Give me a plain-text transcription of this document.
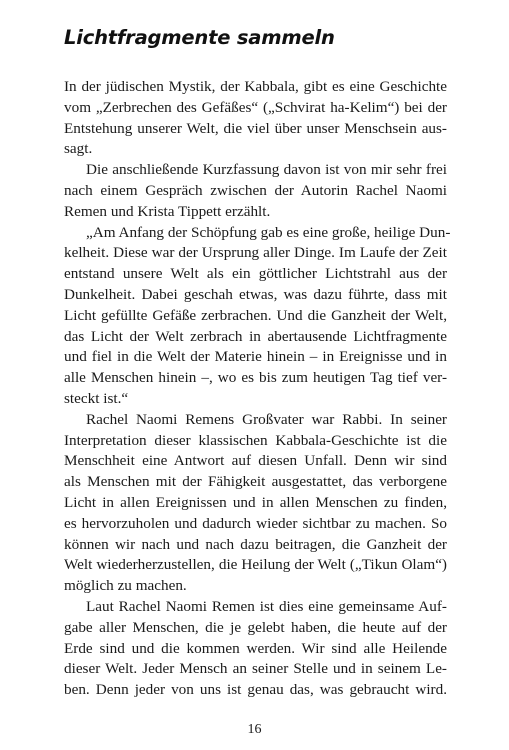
Lichtfragmente sammeln
In der jüdischen Mystik, der Kabbala, gibt es eine Geschichte
vom „Zerbrechen des Gefäßes“ („Schvirat ha-Kelim“) bei der
Entstehung unserer Welt, die viel über unser Menschsein aus-
sagt.
Die anschließende Kurzfassung davon ist von mir sehr frei
nach einem Gespräch zwischen der Autorin Rachel Naomi
Remen und Krista Tippett erzählt.
„Am Anfang der Schöpfung gab es eine große, heilige Dun-
kelheit. Diese war der Ursprung aller Dinge. Im Laufe der Zeit
entstand unsere Welt als ein göttlicher Lichtstrahl aus der
Dunkelheit. Dabei geschah etwas, was dazu führte, dass mit
Licht gefüllte Gefäße zerbrachen. Und die Ganzheit der Welt,
das Licht der Welt zerbrach in abertausende Lichtfragmente
und fiel in die Welt der Materie hinein – in Ereignisse und in
alle Menschen hinein –, wo es bis zum heutigen Tag tief ver-
steckt ist.“
Rachel Naomi Remens Großvater war Rabbi. In seiner
Interpretation dieser klassischen Kabbala-Geschichte ist die
Menschheit eine Antwort auf diesen Unfall. Denn wir sind
als Menschen mit der Fähigkeit ausgestattet, das verborgene
Licht in allen Ereignissen und in allen Menschen zu finden,
es hervorzuholen und dadurch wieder sichtbar zu machen. So
können wir nach und nach dazu beitragen, die Ganzheit der
Welt wiederherzustellen, die Heilung der Welt („Tikun Olam“)
möglich zu machen.
Laut Rachel Naomi Remen ist dies eine gemeinsame Auf-
gabe aller Menschen, die je gelebt haben, die heute auf der
Erde sind und die kommen werden. Wir sind alle Heilende
dieser Welt. Jeder Mensch an seiner Stelle und in seinem Le-
ben. Denn jeder von uns ist genau das, was gebraucht wird.
16
